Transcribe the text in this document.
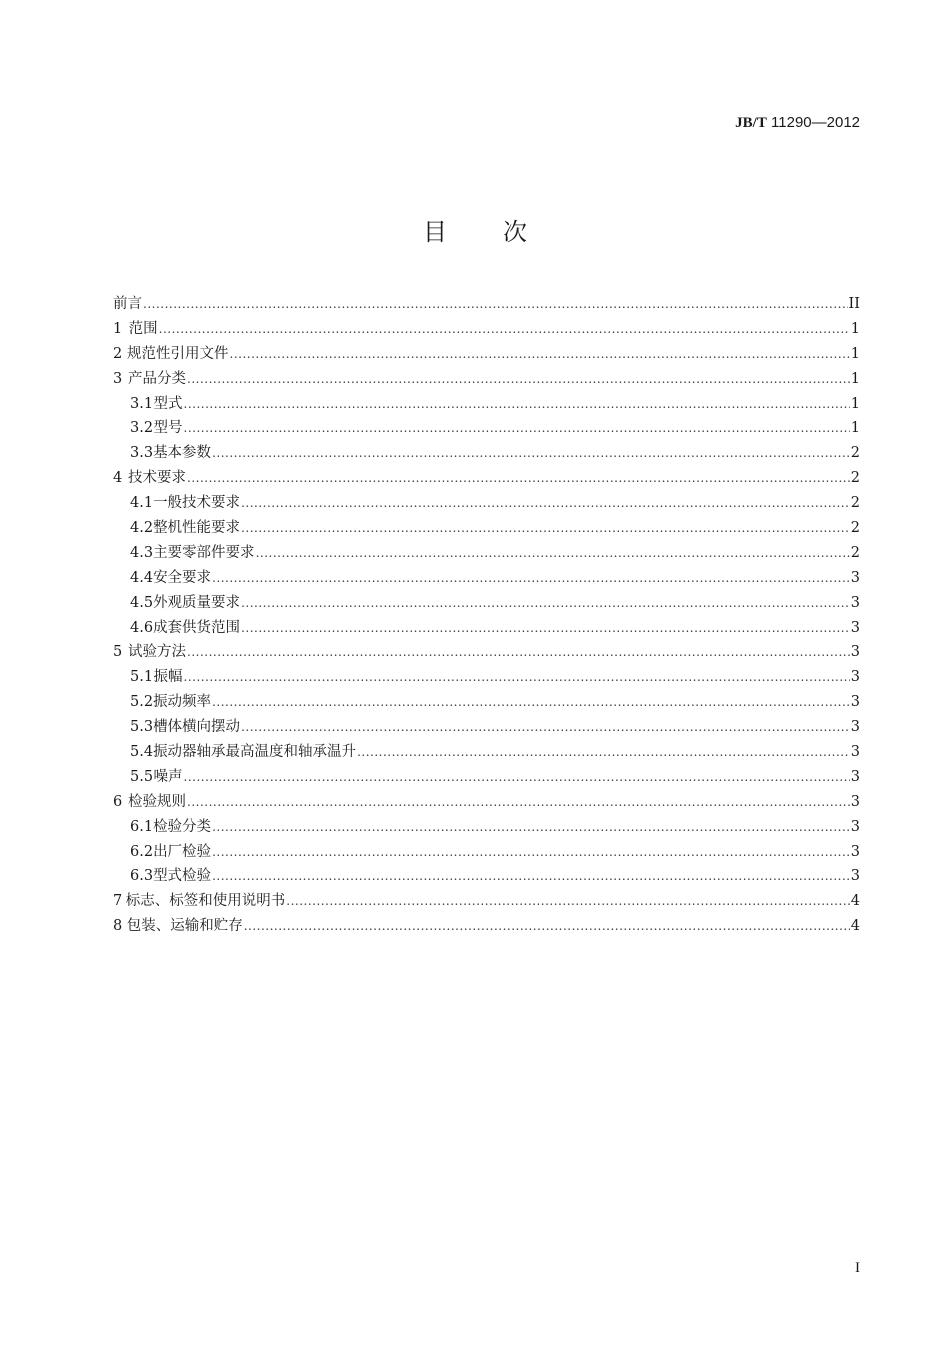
JB/T 11290—2012
目次
前言 .....	II
1 范围 .....	1
2 规范性引用文件 .....	1
3 产品分类 .....	1
3.1 型式 .....	1
3.2 型号 .....	1
3.3 基本参数 .....	2
4 技术要求 .....	2
4.1 一般技术要求 .....	2
4.2 整机性能要求 .....	2
4.3 主要零部件要求 .....	2
4.4 安全要求 .....	3
4.5 外观质量要求 .....	3
4.6 成套供货范围 .....	3
5 试验方法 .....	3
5.1 振幅 .....	3
5.2 振动频率 .....	3
5.3 槽体横向摆动 .....	3
5.4 振动器轴承最高温度和轴承温升 .....	3
5.5 噪声 .....	3
6 检验规则 .....	3
6.1 检验分类 .....	3
6.2 出厂检验 .....	3
6.3 型式检验 .....	3
7 标志、标签和使用说明书 .....	4
8 包装、运输和贮存 .....	4
I
